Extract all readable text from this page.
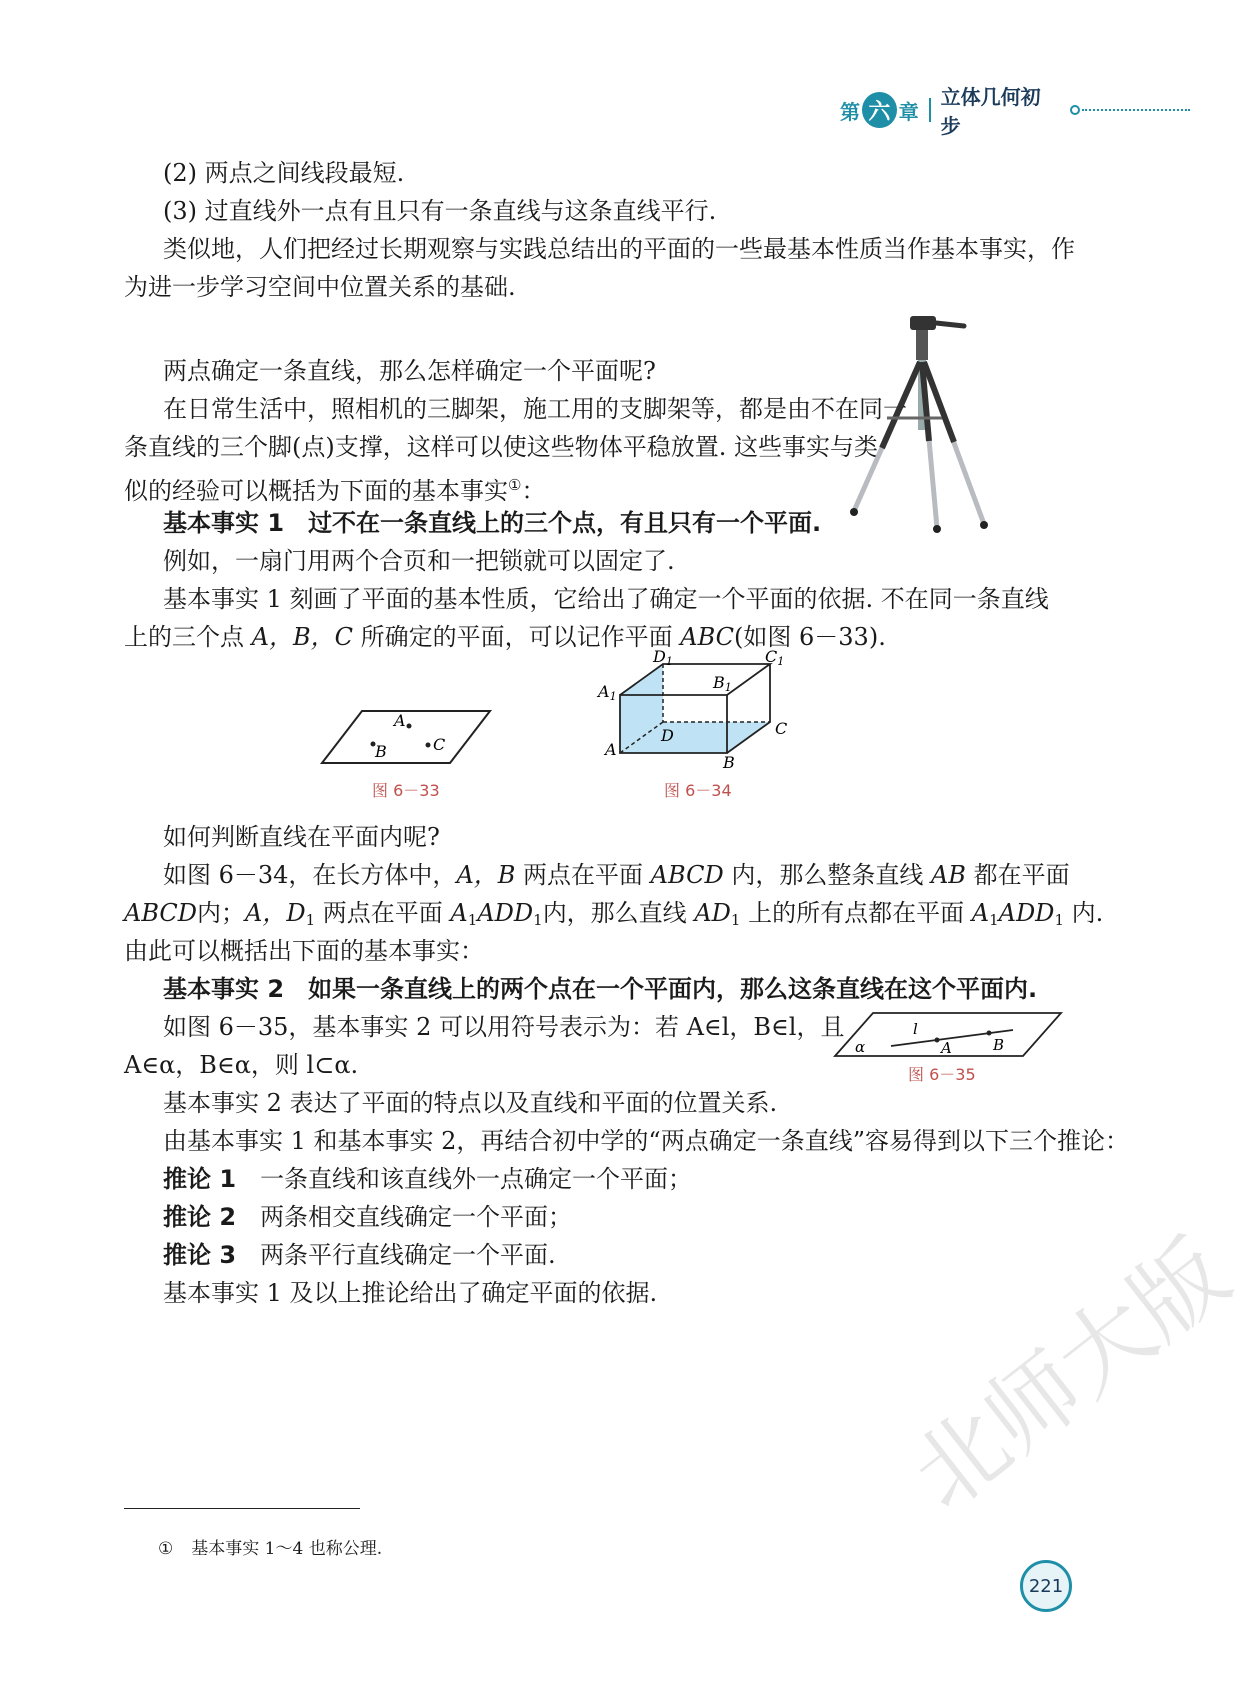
第 六 章
立体几何初步
(2) 两点之间线段最短.
(3) 过直线外一点有且只有一条直线与这条直线平行.
类似地，人们把经过长期观察与实践总结出的平面的一些最基本性质当作基本事实，作
为进一步学习空间中位置关系的基础.
两点确定一条直线，那么怎样确定一个平面呢?
在日常生活中，照相机的三脚架，施工用的支脚架等，都是由不在同一
条直线的三个脚(点)支撑，这样可以使这些物体平稳放置. 这些事实与类
似的经验可以概括为下面的基本事实①：
基本事实 1 过不在一条直线上的三个点，有且只有一个平面.
例如，一扇门用两个合页和一把锁就可以固定了.
基本事实 1 刻画了平面的基本性质，它给出了确定一个平面的依据. 不在同一条直线
上的三个点 A，B，C 所确定的平面，可以记作平面 ABC(如图 6－33).
A
B	C
图 6－33
D1	C1
A1
B1
D	C
A
B
图 6－34
如何判断直线在平面内呢?
如图 6－34，在长方体中，A，B 两点在平面 ABCD 内，那么整条直线 AB 都在平面
ABCD内；A，$D_1$ 两点在平面 $A_1ADD_1$内，那么直线 $AD_1$ 上的所有点都在平面 $A_1ADD_1$ 内.
由此可以概括出下面的基本事实：
基本事实 2 如果一条直线上的两个点在一个平面内，那么这条直线在这个平面内.
如图 6－35，基本事实 2 可以用符号表示为：若 A∈l，B∈l，且
A∈α，B∈α，则 l⊂α.
l
A	B
α
图 6－35
基本事实 2 表达了平面的特点以及直线和平面的位置关系.
由基本事实 1 和基本事实 2，再结合初中学的“两点确定一条直线”容易得到以下三个推论：
推论 1 一条直线和该直线外一点确定一个平面；
推论 2 两条相交直线确定一个平面；
推论 3 两条平行直线确定一个平面.
基本事实 1 及以上推论给出了确定平面的依据.
① 基本事实 1～4 也称公理.
北师大版
221
